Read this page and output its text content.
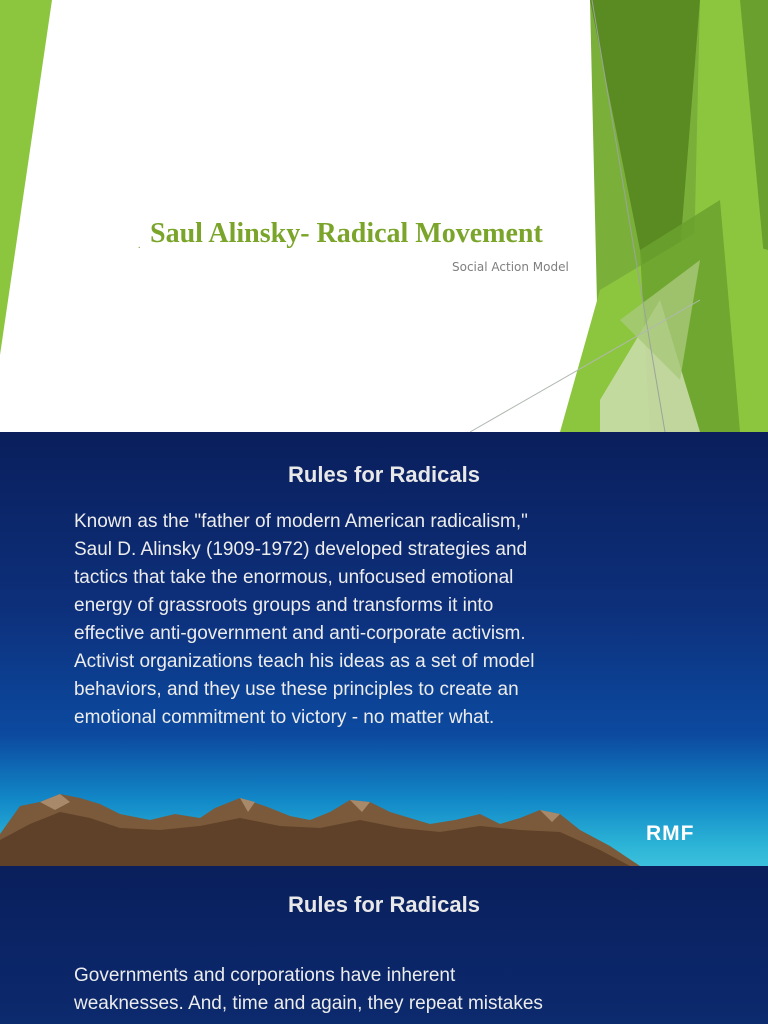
. Saul Alinsky- Radical Movement
Social Action Model
Rules for Radicals
Known as the "father of modern American radicalism,"
Saul D. Alinsky (1909-1972) developed strategies and
tactics that take the enormous, unfocused emotional
energy of grassroots groups and transforms it into
effective anti-government and anti-corporate activism.
Activist organizations teach his ideas as a set of model
behaviors, and they use these principles to create an
emotional commitment to victory - no matter what.
RMF
Rules for Radicals
Governments and corporations have inherent
weaknesses. And, time and again, they repeat mistakes
